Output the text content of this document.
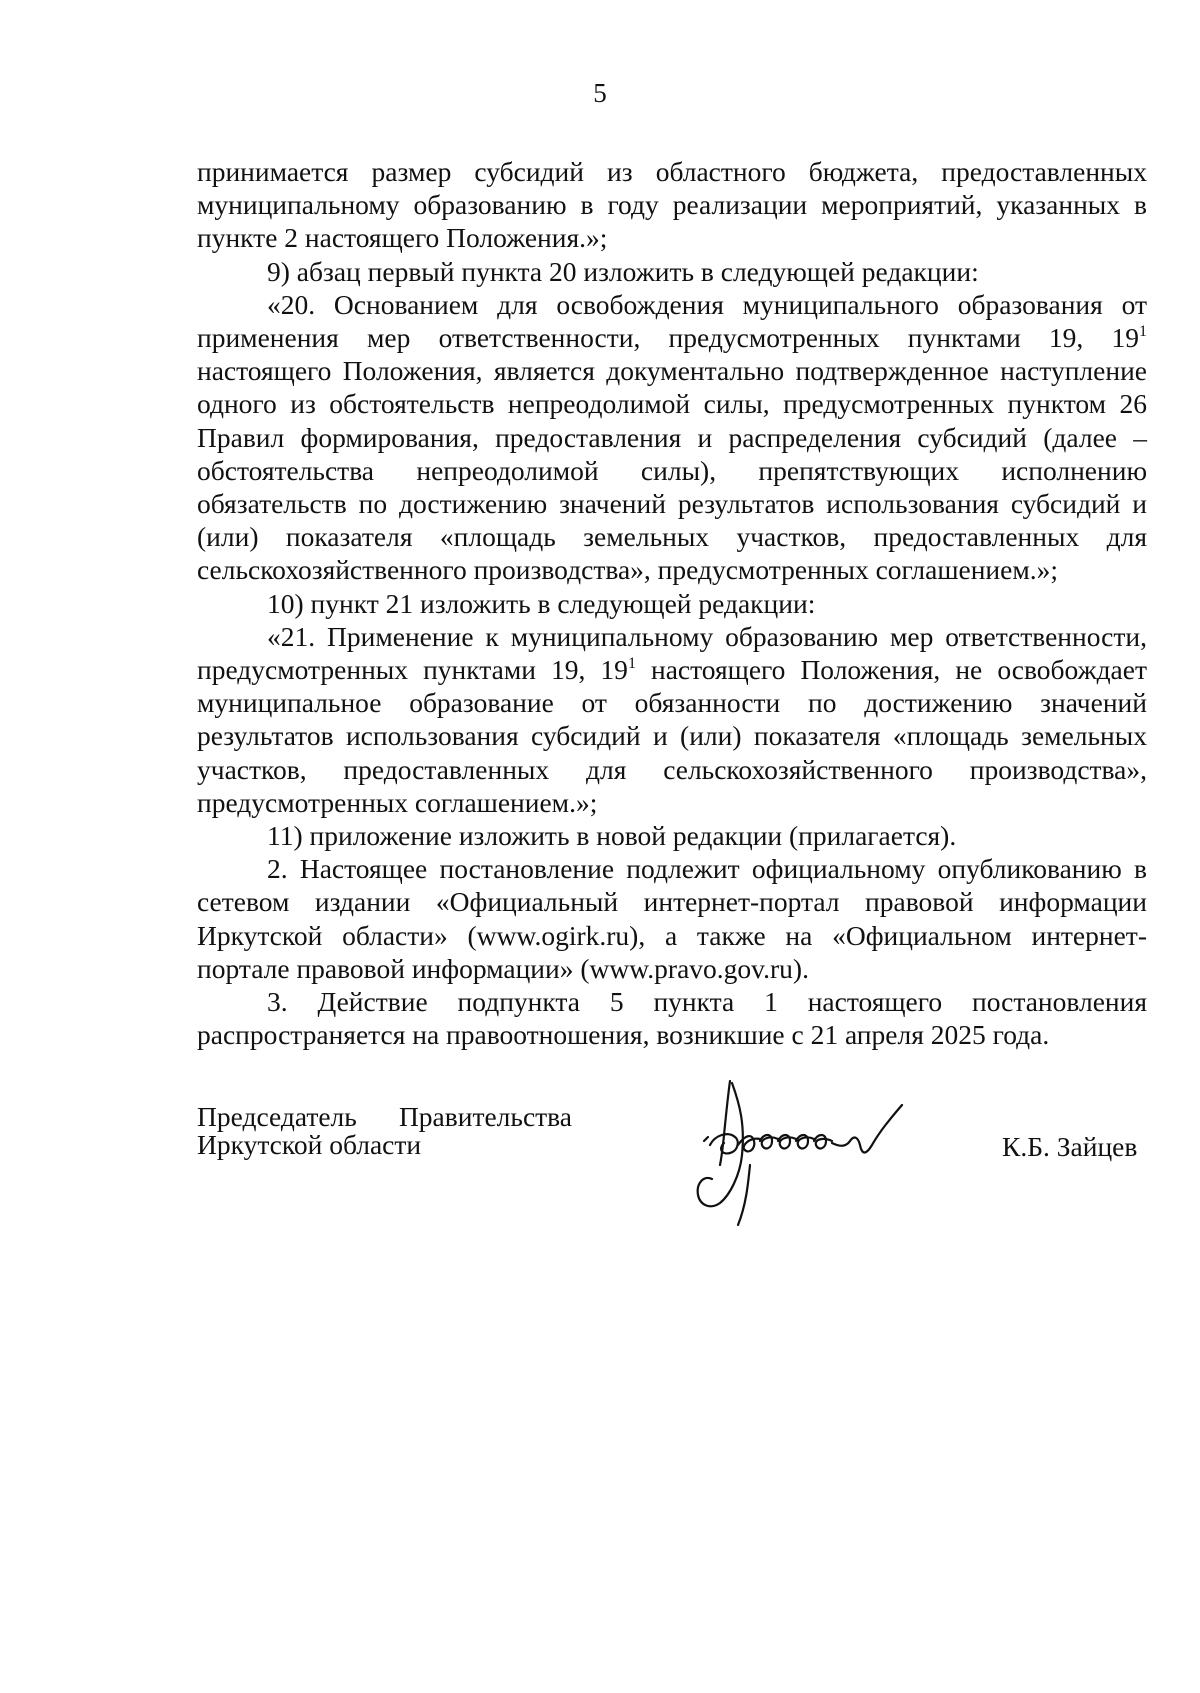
5

принимается размер субсидий из областного бюджета, предоставленных муниципальному образованию в году реализации мероприятий, указанных в пункте 2 настоящего Положения.»;

9) абзац первый пункта 20 изложить в следующей редакции:

«20. Основанием для освобождения муниципального образования от применения мер ответственности, предусмотренных пунктами 19, $19^1$ настоящего Положения, является документально подтвержденное наступление одного из обстоятельств непреодолимой силы, предусмотренных пунктом 26 Правил формирования, предоставления и распределения субсидий (далее – обстоятельства непреодолимой силы), препятствующих исполнению обязательств по достижению значений результатов использования субсидий и (или) показателя «площадь земельных участков, предоставленных для сельскохозяйственного производства», предусмотренных соглашением.»;

10) пункт 21 изложить в следующей редакции:

«21. Применение к муниципальному образованию мер ответственности, предусмотренных пунктами 19, $19^1$ настоящего Положения, не освобождает муниципальное образование от обязанности по достижению значений результатов использования субсидий и (или) показателя «площадь земельных участков, предоставленных для сельскохозяйственного производства», предусмотренных соглашением.»;

11) приложение изложить в новой редакции (прилагается).

2. Настоящее постановление подлежит официальному опубликованию в сетевом издании «Официальный интернет-портал правовой информации Иркутской области» (www.ogirk.ru), а также на «Официальном интернет-портале правовой информации» (www.pravo.gov.ru).

3. Действие подпункта 5 пункта 1 настоящего постановления распространяется на правоотношения, возникшие с 21 апреля 2025 года.

Председатель Правительства
Иркутской области	К.Б. Зайцев
